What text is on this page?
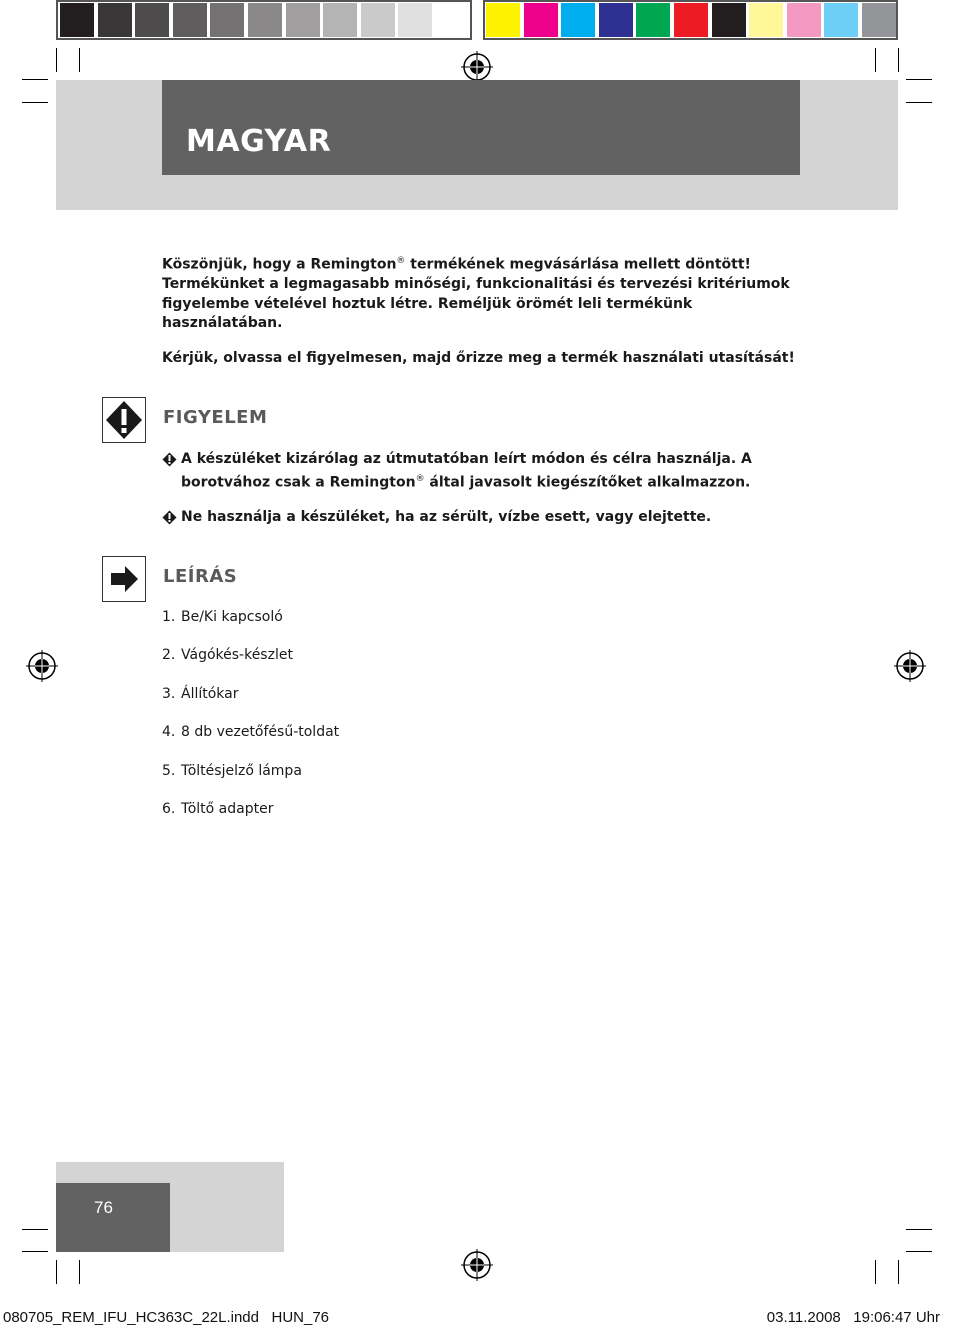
MAGYAR
Köszönjük, hogy a Remington® termékének megvásárlása mellett döntött! Termékünket a legmagasabb minőségi, funkcionalitási és tervezési kritériumok figyelembe vételével hoztuk létre. Reméljük örömét leli termékünk használatában.
Kérjük, olvassa el figyelmesen, majd őrizze meg a termék használati utasítását!
FIGYELEM
A készüléket kizárólag az útmutatóban leírt módon és célra használja. A borotvához csak a Remington® által javasolt kiegészítőket alkalmazzon.
Ne használja a készüléket, ha az sérült, vízbe esett, vagy elejtette.
LEÍRÁS
1. Be/Ki kapcsoló
2. Vágókés-készlet
3. Állítókar
4. 8 db vezetőfésű-toldat
5. Töltésjelző lámpa
6. Töltő adapter
76
080705_REM_IFU_HC363C_22L.indd   HUN_76	03.11.2008   19:06:47 Uhr
